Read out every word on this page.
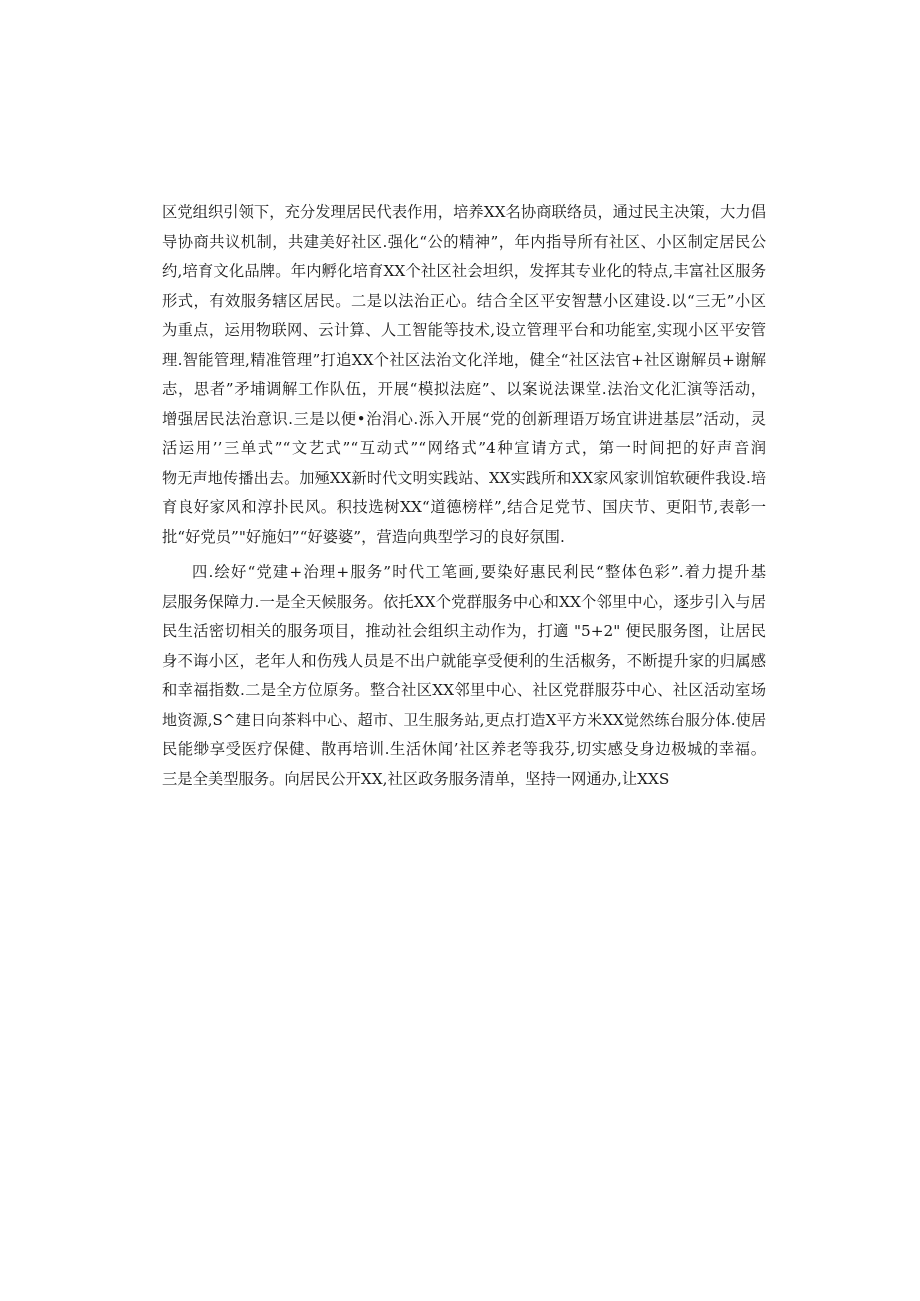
区党组织引领下，充分发理居民代表作用，培养XX名协商联络员，通过民主决策，大力倡
导协商共议机制，共建美好社区.强化“公的精神”，年内指导所有社区、小区制定居民公
约,培育文化品牌。年内孵化培育XX个社区社会坦织，发挥其专业化的特点,丰富社区服务
形式，有效服务辖区居民。二是以法治正心。结合全区平安智慧小区建设.以“三无”小区
为重点，运用物联网、云计算、人工智能等技术,设立管理平台和功能室,实现小区平安管
理.智能管理,精准管理”打追XX个社区法治文化洋地，健全“社区法官+社区谢解员+谢解
志，思者”矛埔调解工作队伍，开展“模拟法庭”、以案说法课堂.法治文化汇演等活动，
增强居民法治意识.三是以便•治涓心.泺入开展“党的创新理语万场宜讲进基层”活动，灵
活运用’’三单式”“文艺式”“互动式”“网络式”4种宣请方式，第一时间把的好声音润
物无声地传播出去。加殛XX新时代文明实践站、XX实践所和XX家风家训馆软硬件我设.培
育良好家风和淳扑民风。积技选树XX“道德榜样”,结合足党节、国庆节、更阳节,表彰一
批“好党员”"好施妇”“好婆婆”，营造向典型学习的良好氛围.

四.绘好“党建+治理+服务”时代工笔画,要染好惠民利民“整体色彩”.着力提升基
层服务保障力.一是全天候服务。依托XX个党群服务中心和XX个邻里中心，逐步引入与居
民生活密切相关的服务项目，推动社会组织主动作为，打適 "5+2" 便民服务图，让居民
身不诲小区，老年人和伤残人员是不出户就能享受便利的生活椒务，不断提升家的归属感
和幸福指数.二是全方位原务。整合社区XX邻里中心、社区党群服芬中心、社区活动室场
地资源,S^建日向茶料中心、超市、卫生服务站,更点打造X平方米XX觉然练台服分体.使居
民能缈享受医疗保健、散再培训.生活休闻’社区养老等我芬,切实感殳身边极城的幸福。
三是全美型服务。向居民公开XX,社区政务服务清单，坚持一网通办,让XXS
